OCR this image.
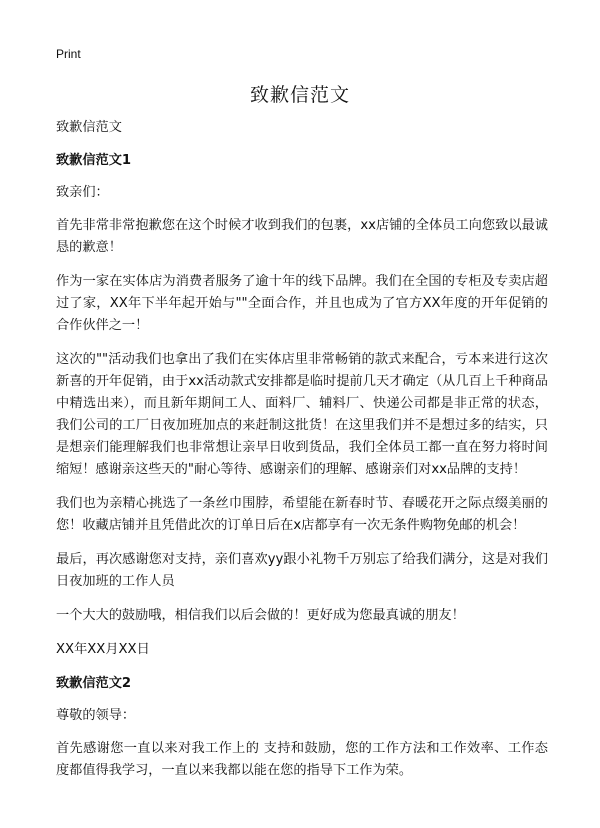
Print
致歉信范文

致歉信范文

致歉信范文1

致亲们：

首先非常非常抱歉您在这个时候才收到我们的包裹，xx店铺的全体员工向您致以最诚恳的歉意！

作为一家在实体店为消费者服务了逾十年的线下品牌。我们在全国的专柜及专卖店超过了家，XX年下半年起开始与""全面合作，并且也成为了官方XX年度的开年促销的合作伙伴之一！

这次的""活动我们也拿出了我们在实体店里非常畅销的款式来配合，亏本来进行这次新喜的开年促销，由于xx活动款式安排都是临时提前几天才确定（从几百上千种商品中精选出来），而且新年期间工人、面料厂、辅料厂、快递公司都是非正常的状态，我们公司的工厂日夜加班加点的来赶制这批货！在这里我们并不是想过多的结实，只是想亲们能理解我们也非常想让亲早日收到货品，我们全体员工都一直在努力将时间缩短！感谢亲这些天的"耐心等待、感谢亲们的理解、感谢亲们对xx品牌的支持！

我们也为亲精心挑选了一条丝巾围脖，希望能在新春时节、春暖花开之际点缀美丽的您！收藏店铺并且凭借此次的订单日后在x店都享有一次无条件购物免邮的机会！

最后，再次感谢您对支持，亲们喜欢yy跟小礼物千万别忘了给我们满分，这是对我们日夜加班的工作人员

一个大大的鼓励哦，相信我们以后会做的！更好成为您最真诚的朋友！

XX年XX月XX日

致歉信范文2

尊敬的领导：

首先感谢您一直以来对我工作上的 支持和鼓励，您的工作方法和工作效率、工作态度都值得我学习，一直以来我都以能在您的指导下工作为荣。
